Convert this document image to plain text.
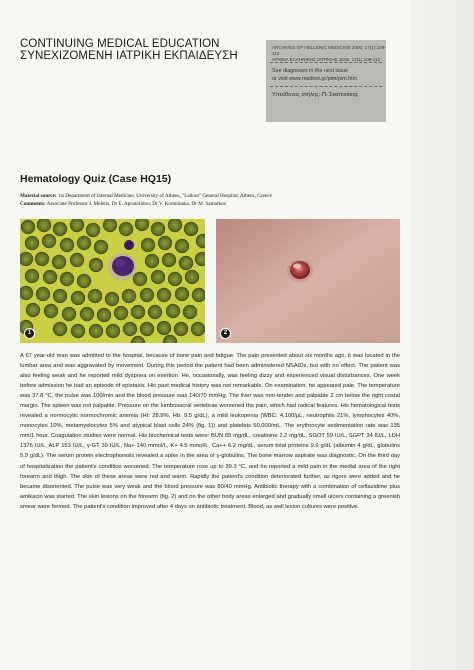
CONTINUING MEDICAL EDUCATION
ΣΥΝΕΧΙΖΟΜΕΝΗ ΙΑΤΡΙΚΗ ΕΚΠΑΙΔΕΥΣΗ
ARCHIVES OF HELLENIC MEDICINE 2000, 17(1):109-112
ΑΡΧΕΙΑ ΕΛΛΗΝΙΚΗΣ ΙΑΤΡΙΚΗΣ 2000, 17(1):109-112
See diagnoses in the next issue
or visit www.mednet.gr/pim/pim.htm
Υπεύθυνος στήλης: Π. Σκαπινάκης
Hematology Quiz (Case HQ15)
Material source: 1st Department of Internal Medicine, University of Athens, "Laikon" General Hospital, Athens, Greece
Comments: Associate Professor J. Meletis, Dr E. Apostolidou, Dr V. Komninaka, Dr M. Samarkos
1	2

A 67 year-old man was admitted to the hospital, because of bone pain and fatigue. The pain presented about six months ago, it was located in the lumbar area and was aggravated by movement. During this period the patient had been administered NSAIDs, but with no effect. The patient was also feeling weak and he reported mild dyspnea on exertion. He, occasionally, was feeling dizzy and experienced visual disturbances. One week before admission he had an episode of epistaxis. His past medical history was not remarkable. On examination, he appeared pale. The temperature was 37.8 °C, the pulse was 100/min and the blood pressure was 140/70 mmHg. The liver was non-tender and palpable 2 cm below the right costal margin. The spleen was not palpable. Pressure on the lumbosacral vertebrae worsened the pain, which had radical features. His hematological tests revealed a normocytic normochromic anemia (Ht: 28.9%, Hb: 9.5 g/dL), a mild leukopenia (WBC: 4,100/μL, neutrophils 21%, lymphocytes 40%, monocytes 10%, metamyelocytes 5% and atypical blast cells 24% (fig. 1)) and platelets 50,000/mL. The erythrocyte sedimentation rate was 135 mm/1 hour. Coagulation studies were normal. His biochemical tests were: BUN 65 mg/dL, creatinine 2.2 mg/dL, SGOT 59 IU/L, SGPT 34 IU/L, LDH 1376 IU/L, ALP 153 IU/L, γ-GT 39 IU/L, Na+ 140 mmol/L, K+ 4.5 mmol/L, Ca++ 6.2 mg/dL, serum total proteins 9.9 g/dL (albumin 4 g/dL, globulins 5.9 g/dL). The serum protein electrophoresis revealed a spike in the area of γ-globulins. The bone marrow aspirate was diagnostic. On the third day of hospitalization the patient's condition worsened. The temperature rose up to 39.3 °C, and he reported a mild pain in the medial area of the right forearm and thigh. The skin of these areas were red and warm. Rapidly the patient's condition deteriorated further, as rigors were added and he became disoriented. The pulse was very weak and the blood pressure was 80/40 mmHg. Antibiotic therapy with a combination of ceftazidime plus amikacin was started. The skin lesions on the forearm (fig. 2) and on the other body areas enlarged and gradually small ulcers containing a greenish smear were formed. The patient's condition improved after 4 days on antibiotic treatment. Blood, as well lesion cultures were positive.
